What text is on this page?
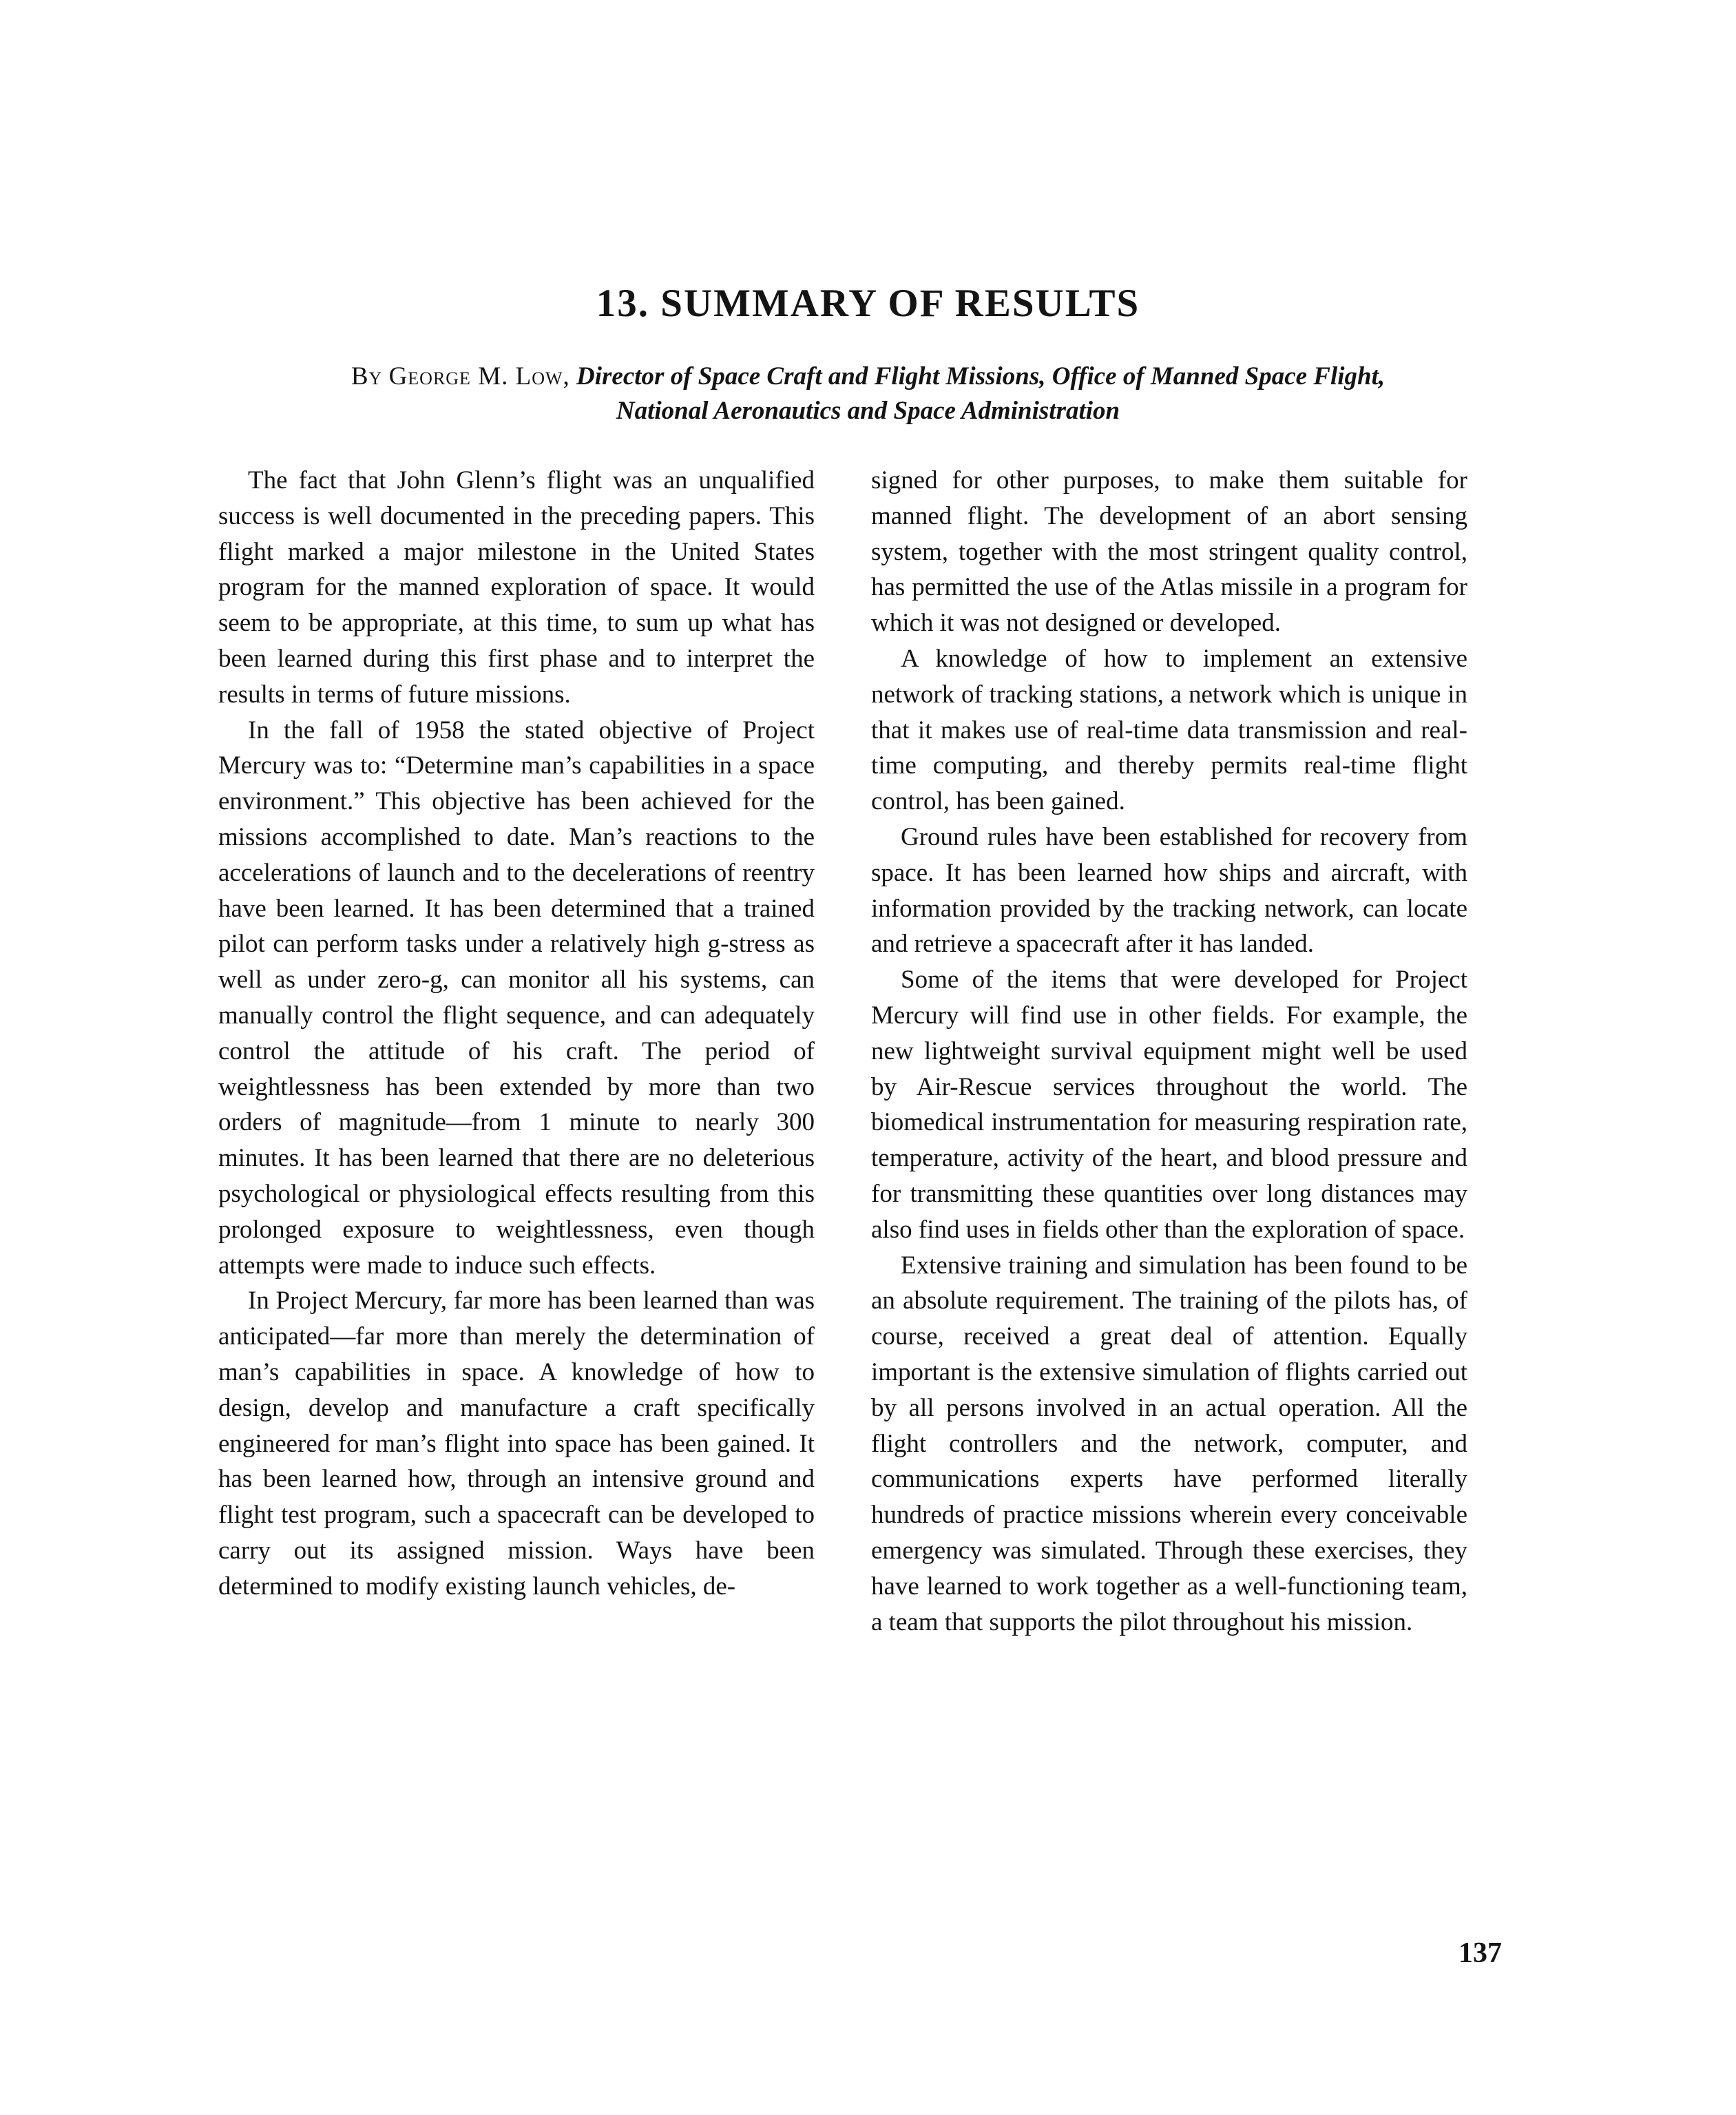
13. SUMMARY OF RESULTS
By George M. Low, Director of Space Craft and Flight Missions, Office of Manned Space Flight,
National Aeronautics and Space Administration

The fact that John Glenn’s flight was an unqualified success is well documented in the preceding papers. This flight marked a major milestone in the United States program for the manned exploration of space. It would seem to be appropriate, at this time, to sum up what has been learned during this first phase and to interpret the results in terms of future missions.

In the fall of 1958 the stated objective of Project Mercury was to: “Determine man’s capabilities in a space environment.” This objective has been achieved for the missions accomplished to date. Man’s reactions to the accelerations of launch and to the decelerations of reentry have been learned. It has been determined that a trained pilot can perform tasks under a relatively high g-stress as well as under zero-g, can monitor all his systems, can manually control the flight sequence, and can adequately control the attitude of his craft. The period of weightlessness has been extended by more than two orders of magnitude—from 1 minute to nearly 300 minutes. It has been learned that there are no deleterious psychological or physiological effects resulting from this prolonged exposure to weightlessness, even though attempts were made to induce such effects.

In Project Mercury, far more has been learned than was anticipated—far more than merely the determination of man’s capabilities in space. A knowledge of how to design, develop and manufacture a craft specifically engineered for man’s flight into space has been gained. It has been learned how, through an intensive ground and flight test program, such a spacecraft can be developed to carry out its assigned mission. Ways have been determined to modify existing launch vehicles, de-

signed for other purposes, to make them suitable for manned flight. The development of an abort sensing system, together with the most stringent quality control, has permitted the use of the Atlas missile in a program for which it was not designed or developed.

A knowledge of how to implement an extensive network of tracking stations, a network which is unique in that it makes use of real-time data transmission and real-time computing, and thereby permits real-time flight control, has been gained.

Ground rules have been established for recovery from space. It has been learned how ships and aircraft, with information provided by the tracking network, can locate and retrieve a spacecraft after it has landed.

Some of the items that were developed for Project Mercury will find use in other fields. For example, the new lightweight survival equipment might well be used by Air-Rescue services throughout the world. The biomedical instrumentation for measuring respiration rate, temperature, activity of the heart, and blood pressure and for transmitting these quantities over long distances may also find uses in fields other than the exploration of space.

Extensive training and simulation has been found to be an absolute requirement. The training of the pilots has, of course, received a great deal of attention. Equally important is the extensive simulation of flights carried out by all persons involved in an actual operation. All the flight controllers and the network, computer, and communications experts have performed literally hundreds of practice missions wherein every conceivable emergency was simulated. Through these exercises, they have learned to work together as a well-functioning team, a team that supports the pilot throughout his mission.

137
